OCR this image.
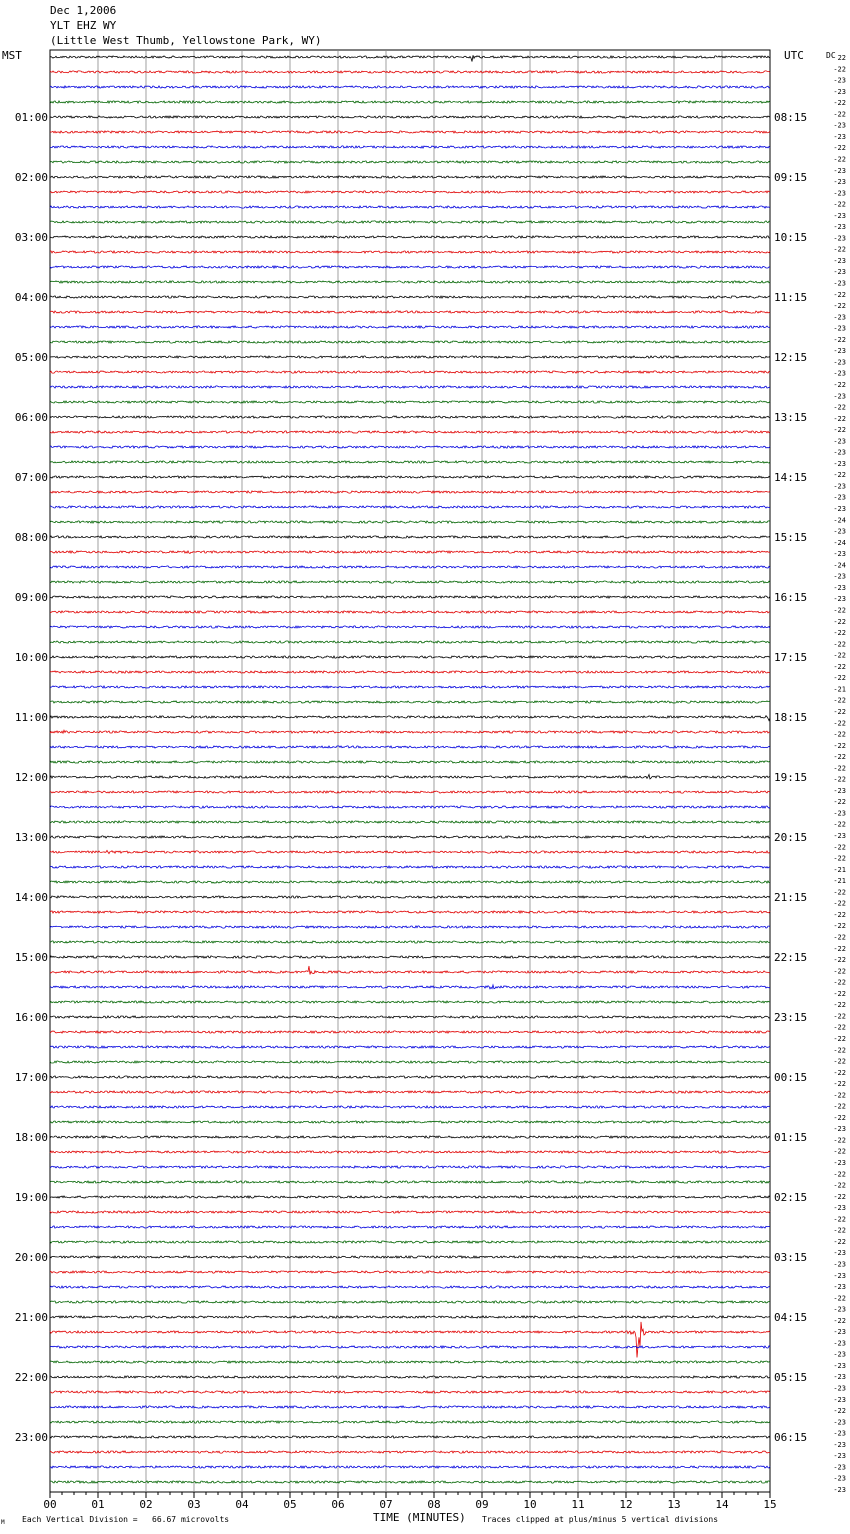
Dec 1,2006
YLT EHZ WY
(Little West Thumb, Yellowstone Park, WY)
MST	UTC	DC
01:00	08:15
02:00	09:15
03:00	10:15
04:00	11:15
05:00	12:15
06:00	13:15
07:00	14:15
08:00	15:15
09:00	16:15
10:00	17:15
11:00	18:15
12:00	19:15
13:00	20:15
14:00	21:15
15:00	22:15
16:00	23:15
17:00	00:15
18:00	01:15
19:00	02:15
20:00	03:15
21:00	04:15
22:00	05:15
23:00	06:15
22
-22
-23
-23
-22
-22
-23
-23
-22
-22
-23
-23
-23
-22
-23
-23
-23
-22
-23
-23
-23
-22
-22
-23
-23
-22
-23
-23
-23
-22
-23
-22
-22
-22
-23
-23
-23
-22
-23
-23
-23
-24
-23
-24
-23
-24
-23
-23
-23
-22
-22
-22
-22
-22
-22
-22
-21
-22
-22
-22
-22
-22
-22
-22
-22
-23
-22
-23
-22
-23
-22
-22
-21
-21
-22
-22
-22
-22
-22
-22
-22
-22
-22
-22
-22
-22
-22
-22
-22
-22
-22
-22
-22
-22
-22
-23
-22
-22
-23
-22
-22
-22
-23
-22
-22
-22
-23
-23
-23
-23
-22
-23
-22
-23
-23
-23
-23
-23
-23
-23
-22
-23
-23
-23
-23
-23
-23
-23
00	01	02	03	04	05	06	07	08	09	10	11	12	13	14	15
Each Vertical Division =   66.67 microvolts	TIME (MINUTES) Traces clipped at plus/minus 5 vertical divisions
M
